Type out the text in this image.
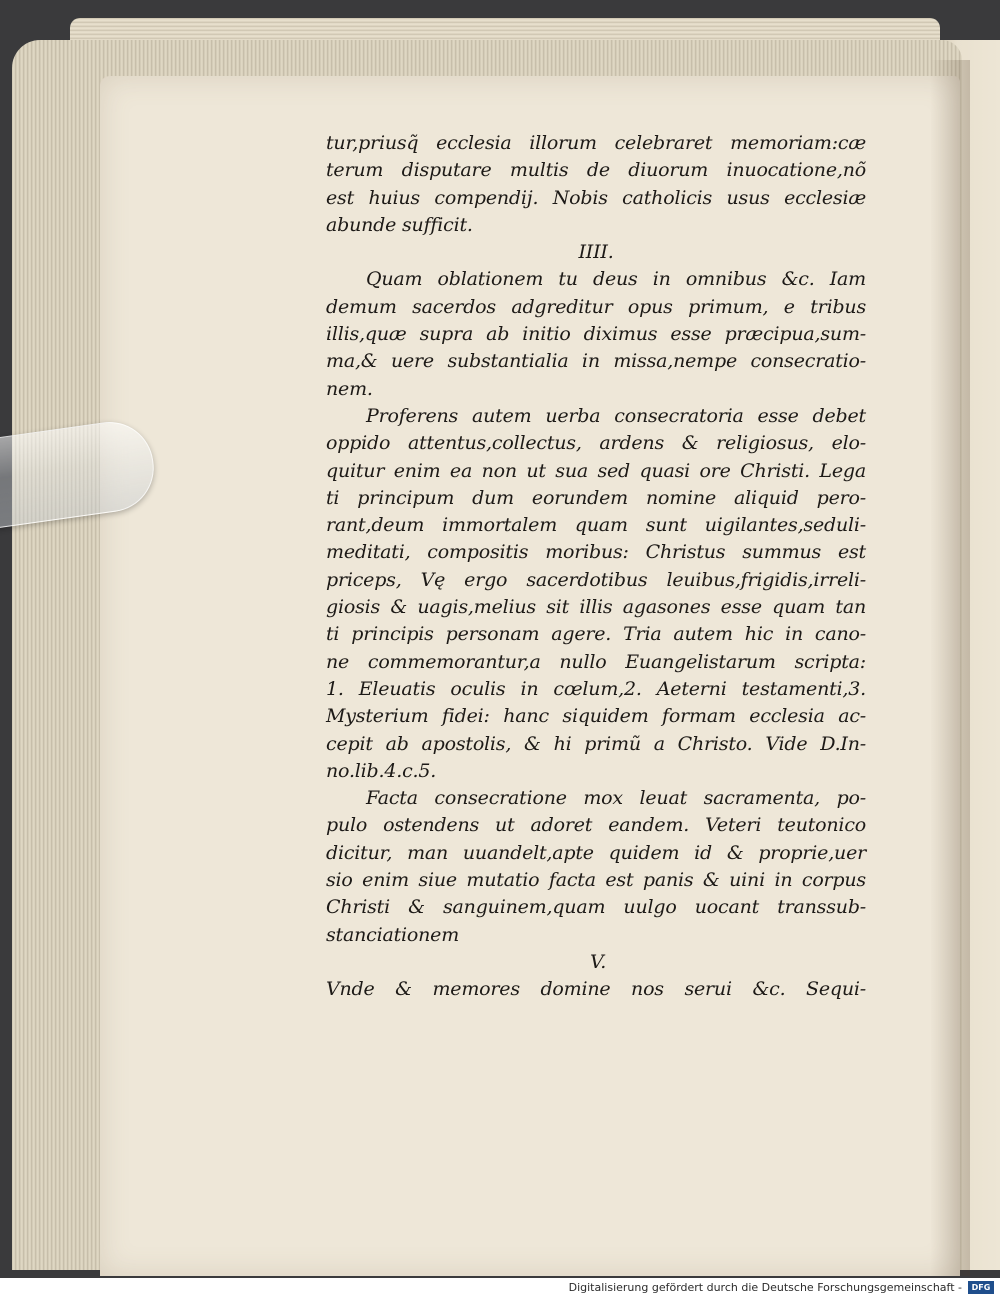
tur,priusq̃ ecclesia illorum celebraret memoriam:cæ
terum disputare multis de diuorum inuocatione,nõ
est huius compendij. Nobis catholicis usus ecclesiæ
abunde sufficit.
IIII.
Quam oblationem tu deus in omnibus &c. Iam
demum sacerdos adgreditur opus primum, e tribus
illis,quæ supra ab initio diximus esse præcipua,sum-
ma,& uere substantialia in missa,nempe consecratio-
nem.
Proferens autem uerba consecratoria esse debet
oppido attentus,collectus, ardens & religiosus, elo-
quitur enim ea non ut sua sed quasi ore Christi. Lega
ti principum dum eorundem nomine aliquid pero-
rant,deum immortalem quam sunt uigilantes,seduli-
meditati, compositis moribus: Christus summus est
priceps, Vę ergo sacerdotibus leuibus,frigidis,irreli-
giosis & uagis,melius sit illis agasones esse quam tan
ti principis personam agere. Tria autem hic in cano-
ne commemorantur,a nullo Euangelistarum scripta:
1. Eleuatis oculis in cœlum,2. Aeterni testamenti,3.
Mysterium fidei: hanc siquidem formam ecclesia ac-
cepit ab apostolis, & hi primũ a Christo. Vide D.In-
no.lib.4.c.5.
Facta consecratione mox leuat sacramenta, po-
pulo ostendens ut adoret eandem. Veteri teutonico
dicitur, man uuandelt,apte quidem id & proprie,uer
sio enim siue mutatio facta est panis & uini in corpus
Christi & sanguinem,quam uulgo uocant transsub-
stanciationem
V.
Vnde & memores domine nos serui &c. Sequi-
Digitalisierung gefördert durch die Deutsche Forschungsgemeinschaft -	DFG
